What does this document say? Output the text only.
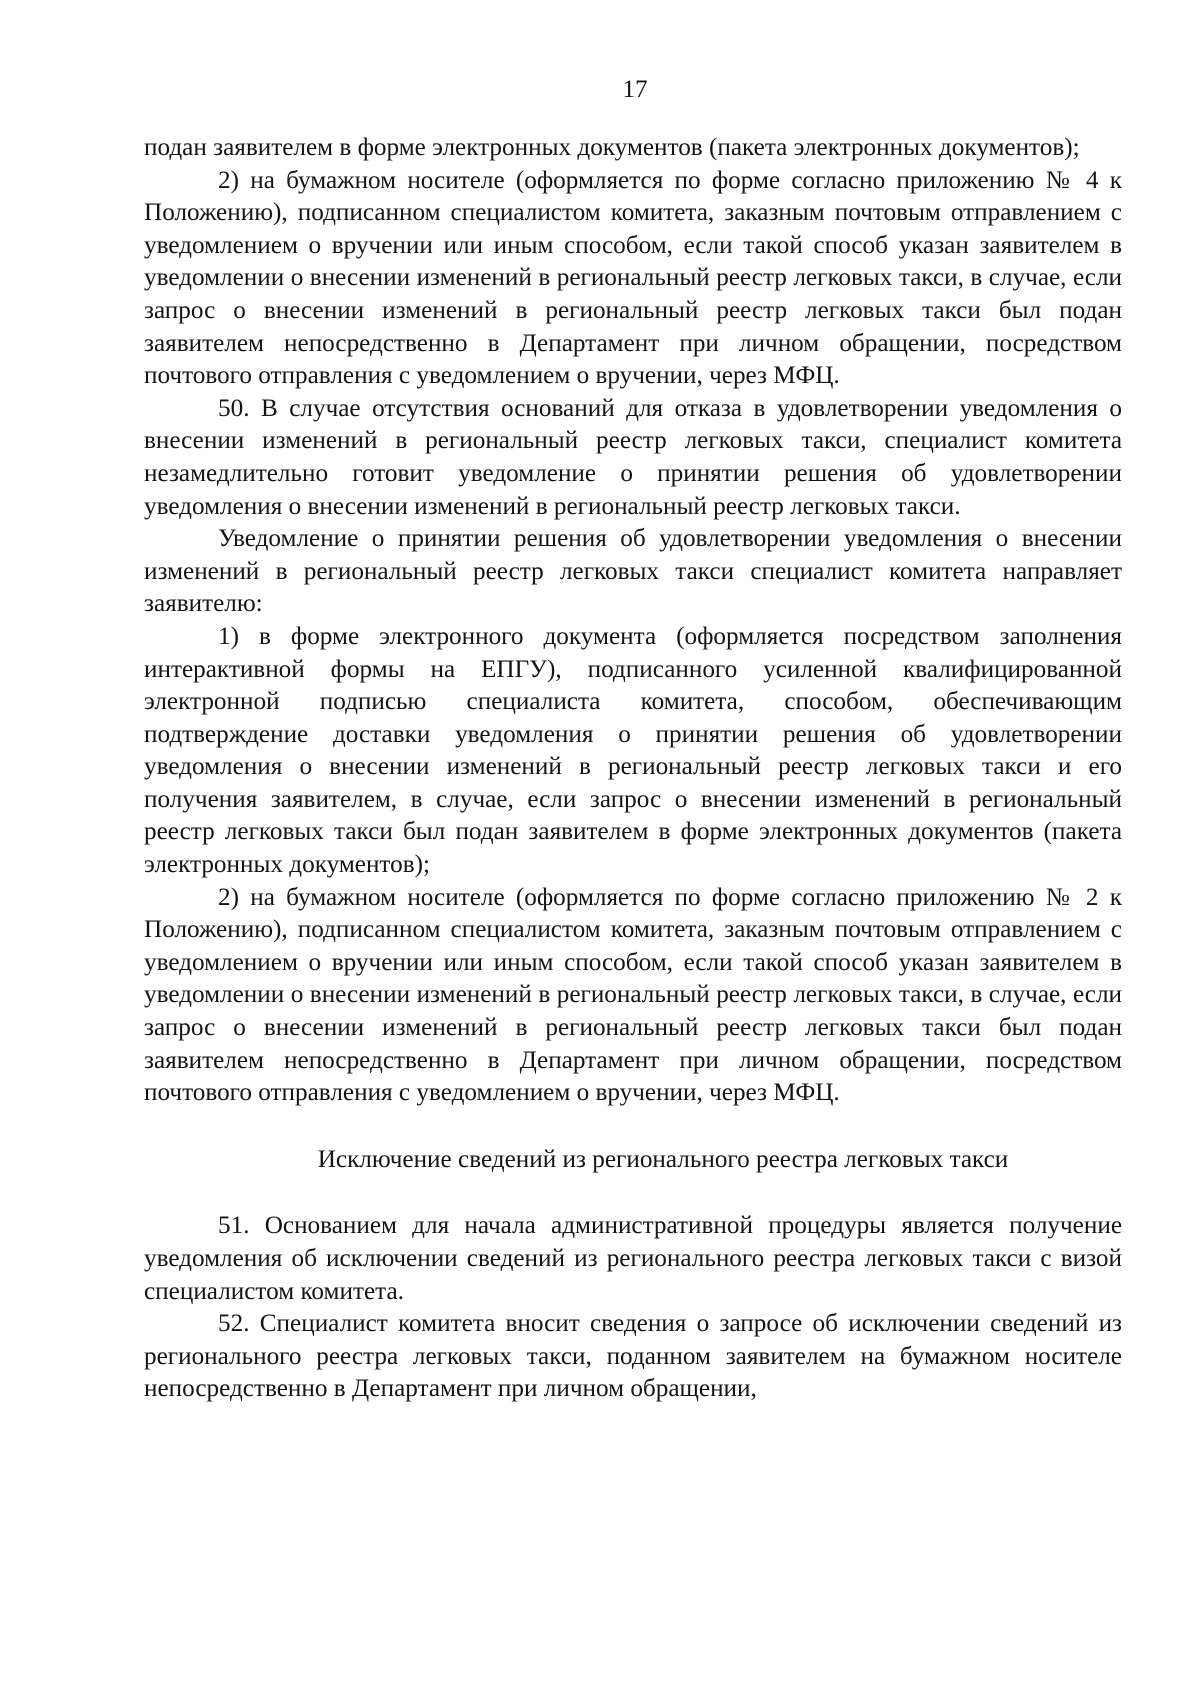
17

подан заявителем в форме электронных документов (пакета электронных документов);

2) на бумажном носителе (оформляется по форме согласно приложению № 4 к Положению), подписанном специалистом комитета, заказным почтовым отправлением с уведомлением о вручении или иным способом, если такой способ указан заявителем в уведомлении о внесении изменений в региональный реестр легковых такси, в случае, если запрос о внесении изменений в региональный реестр легковых такси был подан заявителем непосредственно в Департамент при личном обращении, посредством почтового отправления с уведомлением о вручении, через МФЦ.

50. В случае отсутствия оснований для отказа в удовлетворении уведомления о внесении изменений в региональный реестр легковых такси, специалист комитета незамедлительно готовит уведомление о принятии решения об удовлетворении уведомления о внесении изменений в региональный реестр легковых такси.

Уведомление о принятии решения об удовлетворении уведомления о внесении изменений в региональный реестр легковых такси специалист комитета направляет заявителю:

1) в форме электронного документа (оформляется посредством заполнения интерактивной формы на ЕПГУ), подписанного усиленной квалифицированной электронной подписью специалиста комитета, способом, обеспечивающим подтверждение доставки уведомления о принятии решения об удовлетворении уведомления о внесении изменений в региональный реестр легковых такси и его получения заявителем, в случае, если запрос о внесении изменений в региональный реестр легковых такси был подан заявителем в форме электронных документов (пакета электронных документов);

2) на бумажном носителе (оформляется по форме согласно приложению № 2 к Положению), подписанном специалистом комитета, заказным почтовым отправлением с уведомлением о вручении или иным способом, если такой способ указан заявителем в уведомлении о внесении изменений в региональный реестр легковых такси, в случае, если запрос о внесении изменений в региональный реестр легковых такси был подан заявителем непосредственно в Департамент при личном обращении, посредством почтового отправления с уведомлением о вручении, через МФЦ.

Исключение сведений из регионального реестра легковых такси

51. Основанием для начала административной процедуры является получение уведомления об исключении сведений из регионального реестра легковых такси с визой специалистом комитета.

52. Специалист комитета вносит сведения о запросе об исключении сведений из регионального реестра легковых такси, поданном заявителем на бумажном носителе непосредственно в Департамент при личном обращении,
